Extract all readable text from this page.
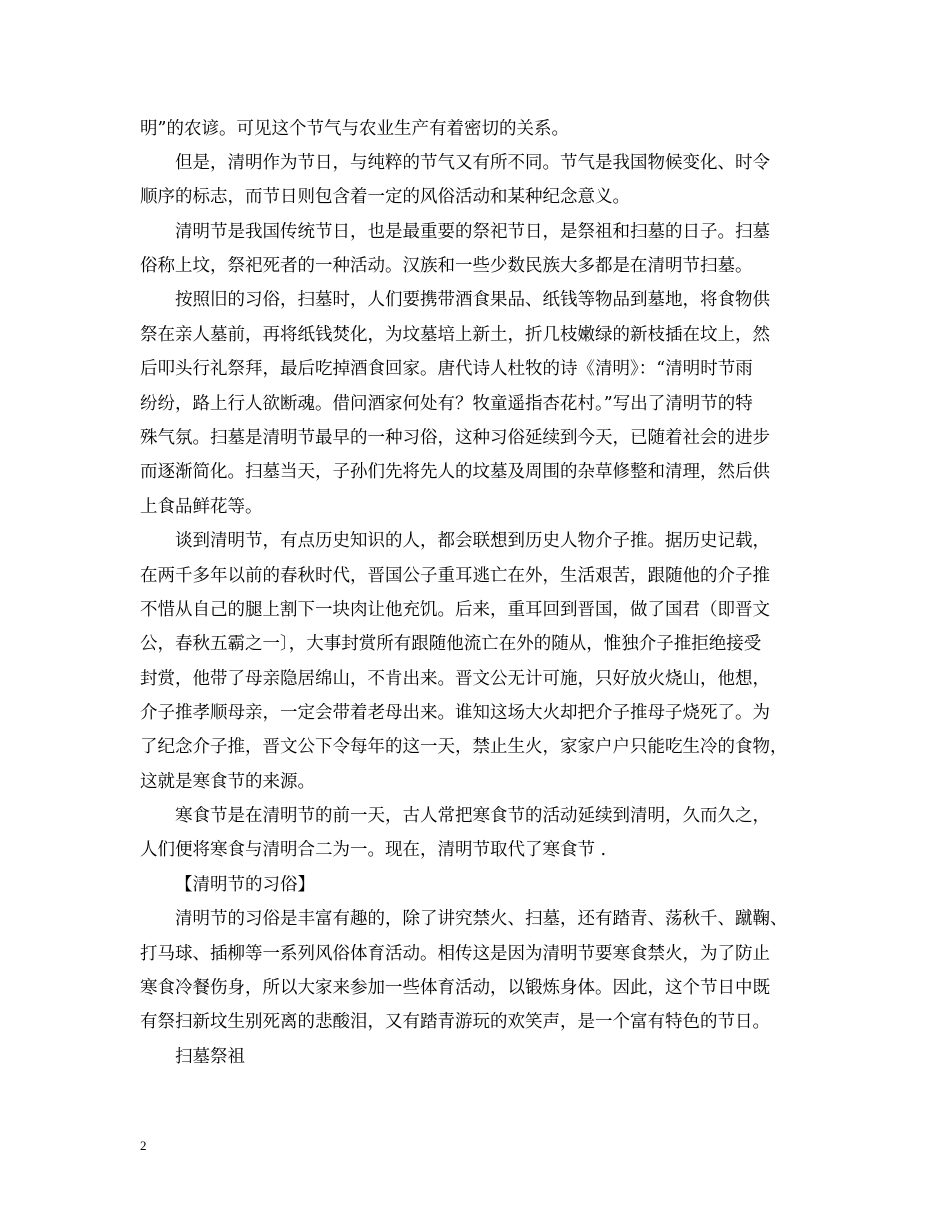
明”的农谚。可见这个节气与农业生产有着密切的关系。
但是，清明作为节日，与纯粹的节气又有所不同。节气是我国物候变化、时令
顺序的标志，而节日则包含着一定的风俗活动和某种纪念意义。
清明节是我国传统节日，也是最重要的祭祀节日，是祭祖和扫墓的日子。扫墓
俗称上坟，祭祀死者的一种活动。汉族和一些少数民族大多都是在清明节扫墓。
按照旧的习俗，扫墓时，人们要携带酒食果品、纸钱等物品到墓地，将食物供
祭在亲人墓前，再将纸钱焚化，为坟墓培上新土，折几枝嫩绿的新枝插在坟上，然
后叩头行礼祭拜，最后吃掉酒食回家。唐代诗人杜牧的诗《清明》：“清明时节雨
纷纷，路上行人欲断魂。借问酒家何处有？牧童遥指杏花村。”写出了清明节的特
殊气氛。扫墓是清明节最早的一种习俗，这种习俗延续到今天，已随着社会的进步
而逐渐简化。扫墓当天，子孙们先将先人的坟墓及周围的杂草修整和清理，然后供
上食品鲜花等。
谈到清明节，有点历史知识的人，都会联想到历史人物介子推。据历史记载，
在两千多年以前的春秋时代，晋国公子重耳逃亡在外，生活艰苦，跟随他的介子推
不惜从自己的腿上割下一块肉让他充饥。后来，重耳回到晋国，做了国君（即晋文
公，春秋五霸之一〕，大事封赏所有跟随他流亡在外的随从，惟独介子推拒绝接受
封赏，他带了母亲隐居绵山，不肯出来。晋文公无计可施，只好放火烧山，他想，
介子推孝顺母亲，一定会带着老母出来。谁知这场大火却把介子推母子烧死了。为
了纪念介子推，晋文公下令每年的这一天，禁止生火，家家户户只能吃生冷的食物，
这就是寒食节的来源。
寒食节是在清明节的前一天，古人常把寒食节的活动延续到清明，久而久之，
人们便将寒食与清明合二为一。现在，清明节取代了寒食节 .
【清明节的习俗】
清明节的习俗是丰富有趣的，除了讲究禁火、扫墓，还有踏青、荡秋千、蹴鞠、
打马球、插柳等一系列风俗体育活动。相传这是因为清明节要寒食禁火，为了防止
寒食冷餐伤身，所以大家来参加一些体育活动，以锻炼身体。因此，这个节日中既
有祭扫新坟生别死离的悲酸泪，又有踏青游玩的欢笑声，是一个富有特色的节日。
扫墓祭祖
2
